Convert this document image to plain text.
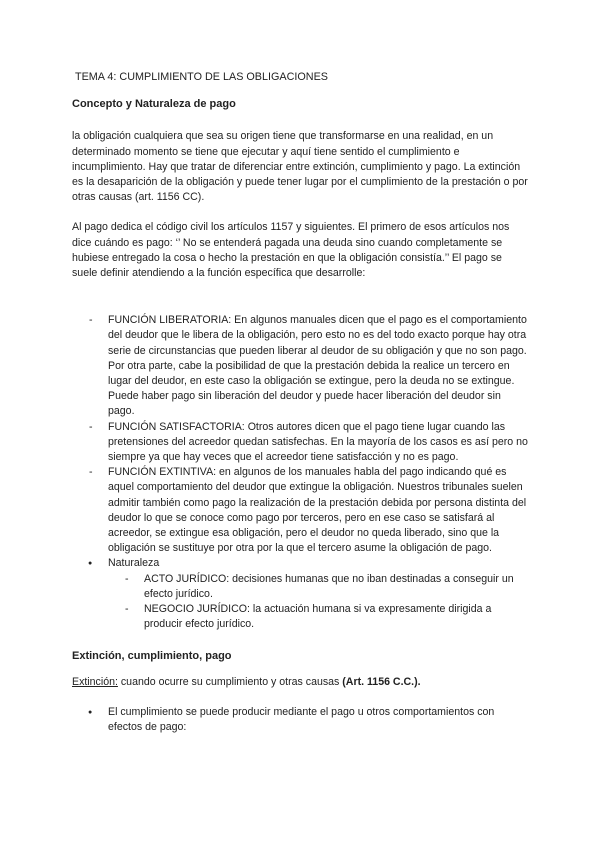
TEMA 4: CUMPLIMIENTO DE LAS OBLIGACIONES

Concepto y Naturaleza de pago

la obligación cualquiera que sea su origen tiene que transformarse en una realidad, en un determinado momento se tiene que ejecutar y aquí tiene sentido el cumplimiento e incumplimiento. Hay que tratar de diferenciar entre extinción, cumplimiento y pago. La extinción es la desaparición de la obligación y puede tener lugar por el cumplimiento de la prestación o por otras causas (art. 1156 CC).

Al pago dedica el código civil los artículos 1157 y siguientes. El primero de esos artículos nos dice cuándo es pago: ‘’ No se entenderá pagada una deuda sino cuando completamente se hubiese entregado la cosa o hecho la prestación en que la obligación consistía.’’ El pago se suele definir atendiendo a la función específica que desarrolle:

- FUNCIÓN LIBERATORIA: En algunos manuales dicen que el pago es el comportamiento del deudor que le libera de la obligación, pero esto no es del todo exacto porque hay otra serie de circunstancias que pueden liberar al deudor de su obligación y que no son pago. Por otra parte, cabe la posibilidad de que la prestación debida la realice un tercero en lugar del deudor, en este caso la obligación se extingue, pero la deuda no se extingue. Puede haber pago sin liberación del deudor y puede hacer liberación del deudor sin pago.
- FUNCIÓN SATISFACTORIA: Otros autores dicen que el pago tiene lugar cuando las pretensiones del acreedor quedan satisfechas. En la mayoría de los casos es así pero no siempre ya que hay veces que el acreedor tiene satisfacción y no es pago.
- FUNCIÓN EXTINTIVA: en algunos de los manuales habla del pago indicando qué es aquel comportamiento del deudor que extingue la obligación. Nuestros tribunales suelen admitir también como pago la realización de la prestación debida por persona distinta del deudor lo que se conoce como pago por terceros, pero en ese caso se satisfará al acreedor, se extingue esa obligación, pero el deudor no queda liberado, sino que la obligación se sustituye por otra por la que el tercero asume la obligación de pago.
● Naturaleza
- ACTO JURÍDICO: decisiones humanas que no iban destinadas a conseguir un efecto jurídico.
- NEGOCIO JURÍDICO: la actuación humana si va expresamente dirigida a producir efecto jurídico.

Extinción, cumplimiento, pago

Extinción: cuando ocurre su cumplimiento y otras causas (Art. 1156 C.C.).

● El cumplimiento se puede producir mediante el pago u otros comportamientos con efectos de pago:
